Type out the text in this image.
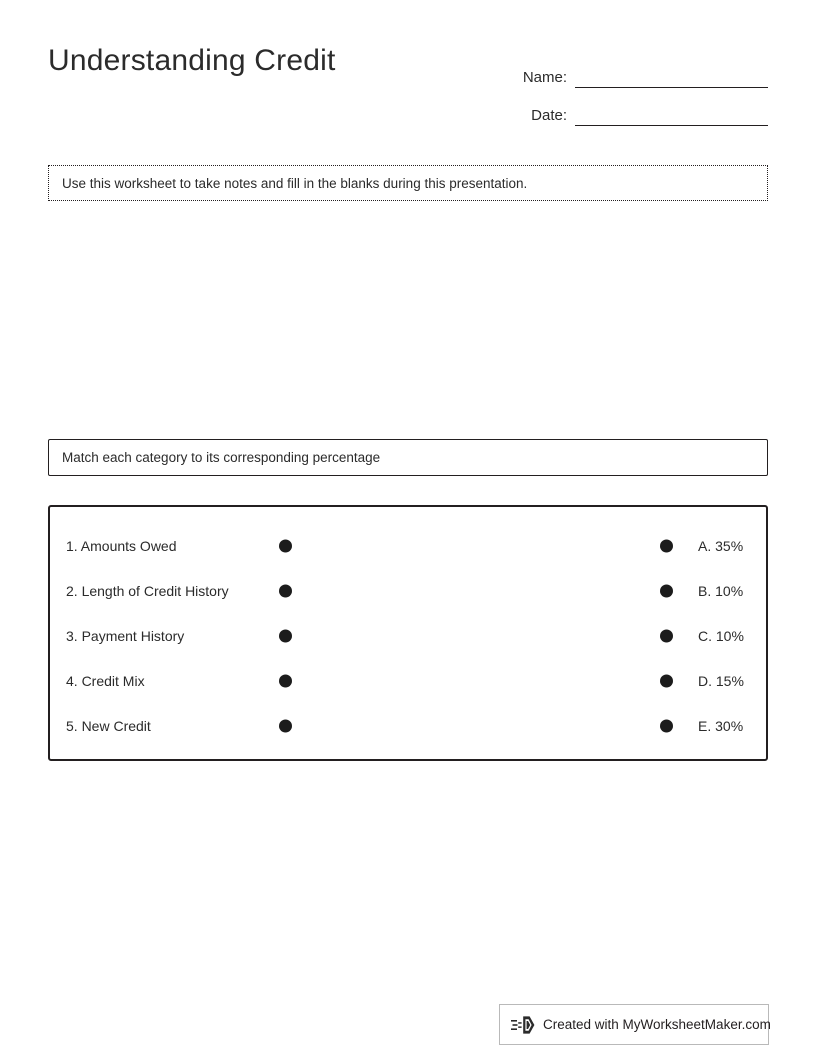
Understanding Credit
Name:
Date:
Use this worksheet to take notes and fill in the blanks during this presentation.
Match each category to its corresponding percentage
1. Amounts Owed	A. 35%
2. Length of Credit History	B. 10%
3. Payment History	C. 10%
4. Credit Mix	D. 15%
5. New Credit	E. 30%
Created with MyWorksheetMaker.com
